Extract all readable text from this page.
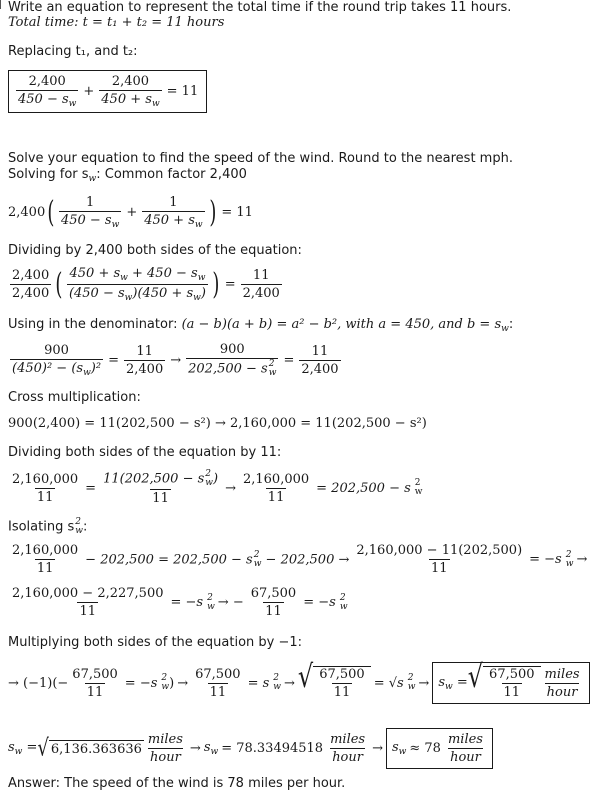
Write an equation to represent the total time if the round trip takes 11 hours.
Total time: t = t₁ + t₂ = 11 hours
Replacing t₁, and t₂:
$\frac{2,400}{450 - s_w} + \frac{2,400}{450 + s_w} = 11$
Solve your equation to find the speed of the wind. Round to the nearest mph.
Solving for $s_w$: Common factor 2,400
2,400 ( $\frac{1}{450 - s_w} + \frac{1}{450 + s_w}$ ) = 11
Dividing by 2,400 both sides of the equation:
$\frac{2,400}{2,400}$ ( $\frac{450 + s_w + 450 - s_w}{(450 - s_w)(450 + s_w)}$ ) = $\frac{11}{2,400}$
Using in the denominator: (a − b)(a + b) = a² − b², with a = 450, and $b = s_w$:
$\frac{900}{(450)^2 - (s_w)^2} = \frac{11}{2,400} \to 900$
202,500 − s 2
$w = \frac{11}{2,400}$
Cross multiplication:
900(2,400) = 11(202,500 − s²) → 2,160,000 = 11(202,500 − s²)
Dividing both sides of the equation by 11:
$\frac{2,160,000}{11} = 11(202,500 - s$ 2
w )
$11 \to \frac{2,160,000}{11} = 202,500 - s$ 2
w
Isolating s 2
w :
$\frac{2,160,000}{11} - 202,500 = 202,500 - s$ 2
$w - 202,500 \to \frac{2,160,000 - 11(202,500)}{11} = -s$ 2
w →
$\frac{2,160,000 - 2,227,500}{11} = -s$ 2
w → − $\frac{67,500}{11} = -s$ 2
w
Multiplying both sides of the equation by −1:
→ $(-1)(- \frac{67,500}{11} = -s$ 2
w ) → $\frac{67,500}{11} = s$ 2
w → √ $\frac{67,500}{11} = √s$ 2
$w \to s_w$ = √ $\frac{67,500}{11} \frac{\text{miles}}{\text{hour}}$
$s_w$ = √ $6,136.363636 \frac{\text{miles}}{\text{hour}} \to s_w = 78.33494518 \frac{\text{miles}}{\text{hour}} \to s_w \approx 78 \frac{\text{miles}}{\text{hour}}$
Answer: The speed of the wind is 78 miles per hour.
